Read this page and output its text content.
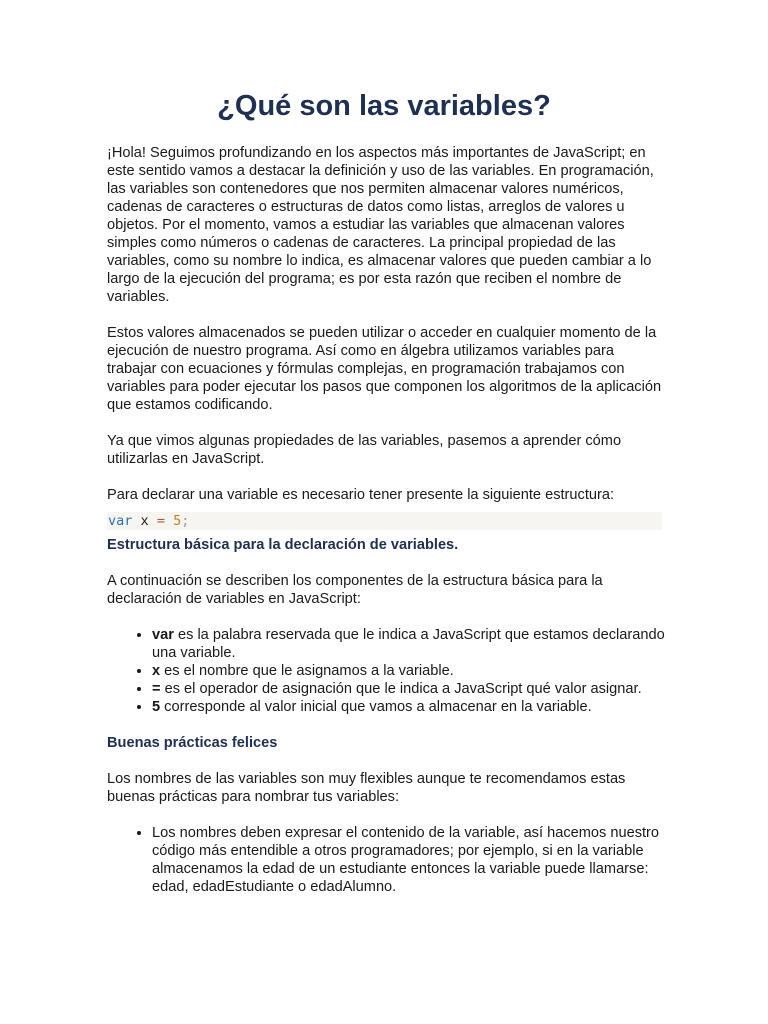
¿Qué son las variables?

¡Hola! Seguimos profundizando en los aspectos más importantes de JavaScript; en este sentido vamos a destacar la definición y uso de las variables. En programación, las variables son contenedores que nos permiten almacenar valores numéricos, cadenas de caracteres o estructuras de datos como listas, arreglos de valores u objetos. Por el momento, vamos a estudiar las variables que almacenan valores simples como números o cadenas de caracteres. La principal propiedad de las variables, como su nombre lo indica, es almacenar valores que pueden cambiar a lo largo de la ejecución del programa; es por esta razón que reciben el nombre de variables.

Estos valores almacenados se pueden utilizar o acceder en cualquier momento de la ejecución de nuestro programa. Así como en álgebra utilizamos variables para trabajar con ecuaciones y fórmulas complejas, en programación trabajamos con variables para poder ejecutar los pasos que componen los algoritmos de la aplicación que estamos codificando.

Ya que vimos algunas propiedades de las variables, pasemos a aprender cómo utilizarlas en JavaScript.

Para declarar una variable es necesario tener presente la siguiente estructura:

var x = 5;
Estructura básica para la declaración de variables.

A continuación se describen los componentes de la estructura básica para la declaración de variables en JavaScript:

• var es la palabra reservada que le indica a JavaScript que estamos declarando una variable.
• x es el nombre que le asignamos a la variable.
• = es el operador de asignación que le indica a JavaScript qué valor asignar.
• 5 corresponde al valor inicial que vamos a almacenar en la variable.
Buenas prácticas felices

Los nombres de las variables son muy flexibles aunque te recomendamos estas buenas prácticas para nombrar tus variables:

• Los nombres deben expresar el contenido de la variable, así hacemos nuestro código más entendible a otros programadores; por ejemplo, si en la variable almacenamos la edad de un estudiante entonces la variable puede llamarse: edad, edadEstudiante o edadAlumno.
